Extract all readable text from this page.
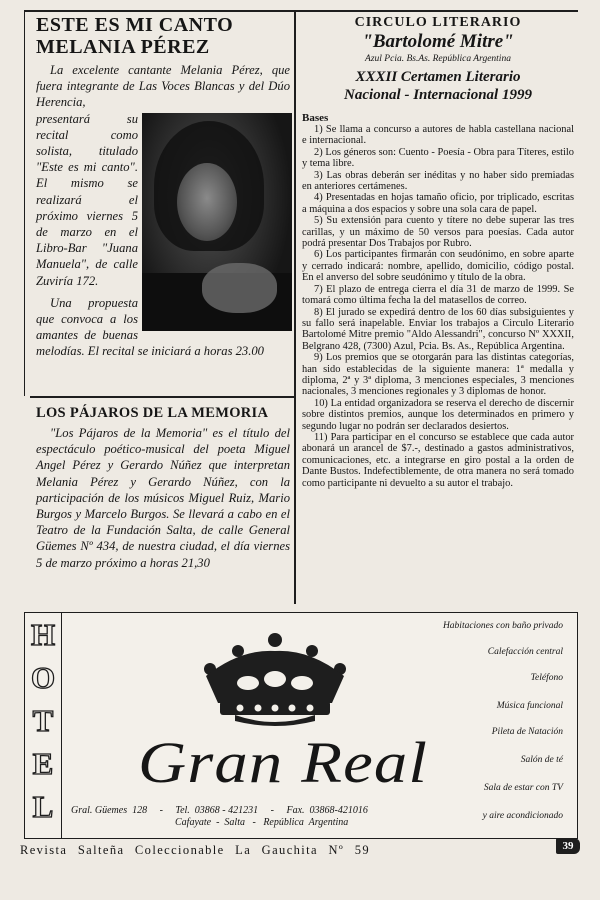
ESTE ES MI CANTO
MELANIA PÉREZ

La excelente cantante Melania Pérez, que fuera integrante de Las Voces Blancas y del Dúo Herencia,

presentará su recital como solista, titulado "Este es mi canto". El mismo se realizará el próximo viernes 5 de marzo en el Libro-Bar "Juana Manuela", de calle Zuviría 172.

Una propuesta que convoca a los amantes de buenas melodías. El recital se iniciará a horas 23.00

LOS PÁJAROS DE LA MEMORIA

"Los Pájaros de la Memoria" es el título del espectáculo poético-musical del poeta Miguel Angel Pérez y Gerardo Núñez que interpretan Melania Pérez y Gerardo Núñez, con la participación de los músicos Miguel Ruiz, Mario Burgos y Marcelo Burgos. Se llevará a cabo en el Teatro de la Fundación Salta, de calle General Güemes Nº 434, de nuestra ciudad, el día viernes 5 de marzo próximo a horas 21,30

CIRCULO LITERARIO
"Bartolomé Mitre"
Azul Pcia. Bs.As. República Argentina
XXXII Certamen Literario
Nacional - Internacional 1999
Bases

1) Se llama a concurso a autores de habla castellana nacional e internacional.

2) Los géneros son: Cuento - Poesía - Obra para Títeres, estilo y tema libre.

3) Las obras deberán ser inéditas y no haber sido premiadas en anteriores certámenes.

4) Presentadas en hojas tamaño oficio, por triplicado, escritas a máquina a dos espacios y sobre una sola cara de papel.

5) Su extensión para cuento y títere no debe superar las tres carillas, y un máximo de 50 versos para poesías. Cada autor podrá presentar Dos Trabajos por Rubro.

6) Los participantes firmarán con seudónimo, en sobre aparte y cerrado indicará: nombre, apellido, domicilio, código postal. En el anverso del sobre seudónimo y título de la obra.

7) El plazo de entrega cierra el día 31 de marzo de 1999. Se tomará como última fecha la del matasellos de correo.

8) El jurado se expedirá dentro de los 60 días subsiguientes y su fallo será inapelable. Enviar los trabajos a Circulo Literario Bartolomé Mitre premio "Aldo Alessandri", concurso Nº XXXII, Belgrano 428, (7300) Azul, Pcia. Bs. As., República Argentina.

9) Los premios que se otorgarán para las distintas categorías, han sido establecidas de la siguiente manera: 1ª medalla y diploma, 2ª y 3ª diploma, 3 menciones especiales, 3 menciones nacionales, 3 menciones regionales y 3 diplomas de honor.

10) La entidad organizadora se reserva el derecho de discernir sobre distintos premios, aunque los determinados en primero y segundo lugar no podrán ser declarados desiertos.

11) Para participar en el concurso se establece que cada autor abonará un arancel de $7.-, destinado a gastos administrativos, comunicaciones, etc. a integrarse en giro postal a la orden de Dante Bustos. Indefectiblemente, de otra manera no será tomado como participante ni devuelto a su autor el trabajo.

H
O
T
E
L
Gran Real
Gral. Güemes  128     -     Tel.  03868 - 421231     -     Fax.  03868-421016
Cafayate  -  Salta   -   República  Argentina
Habitaciones con baño privado
Calefacción central
Teléfono
Música funcional
Pileta de Natación
Salón de té
Sala de estar con TV
y aire acondicionado
Revista Salteña Coleccionable La Gauchita Nº 59	39
